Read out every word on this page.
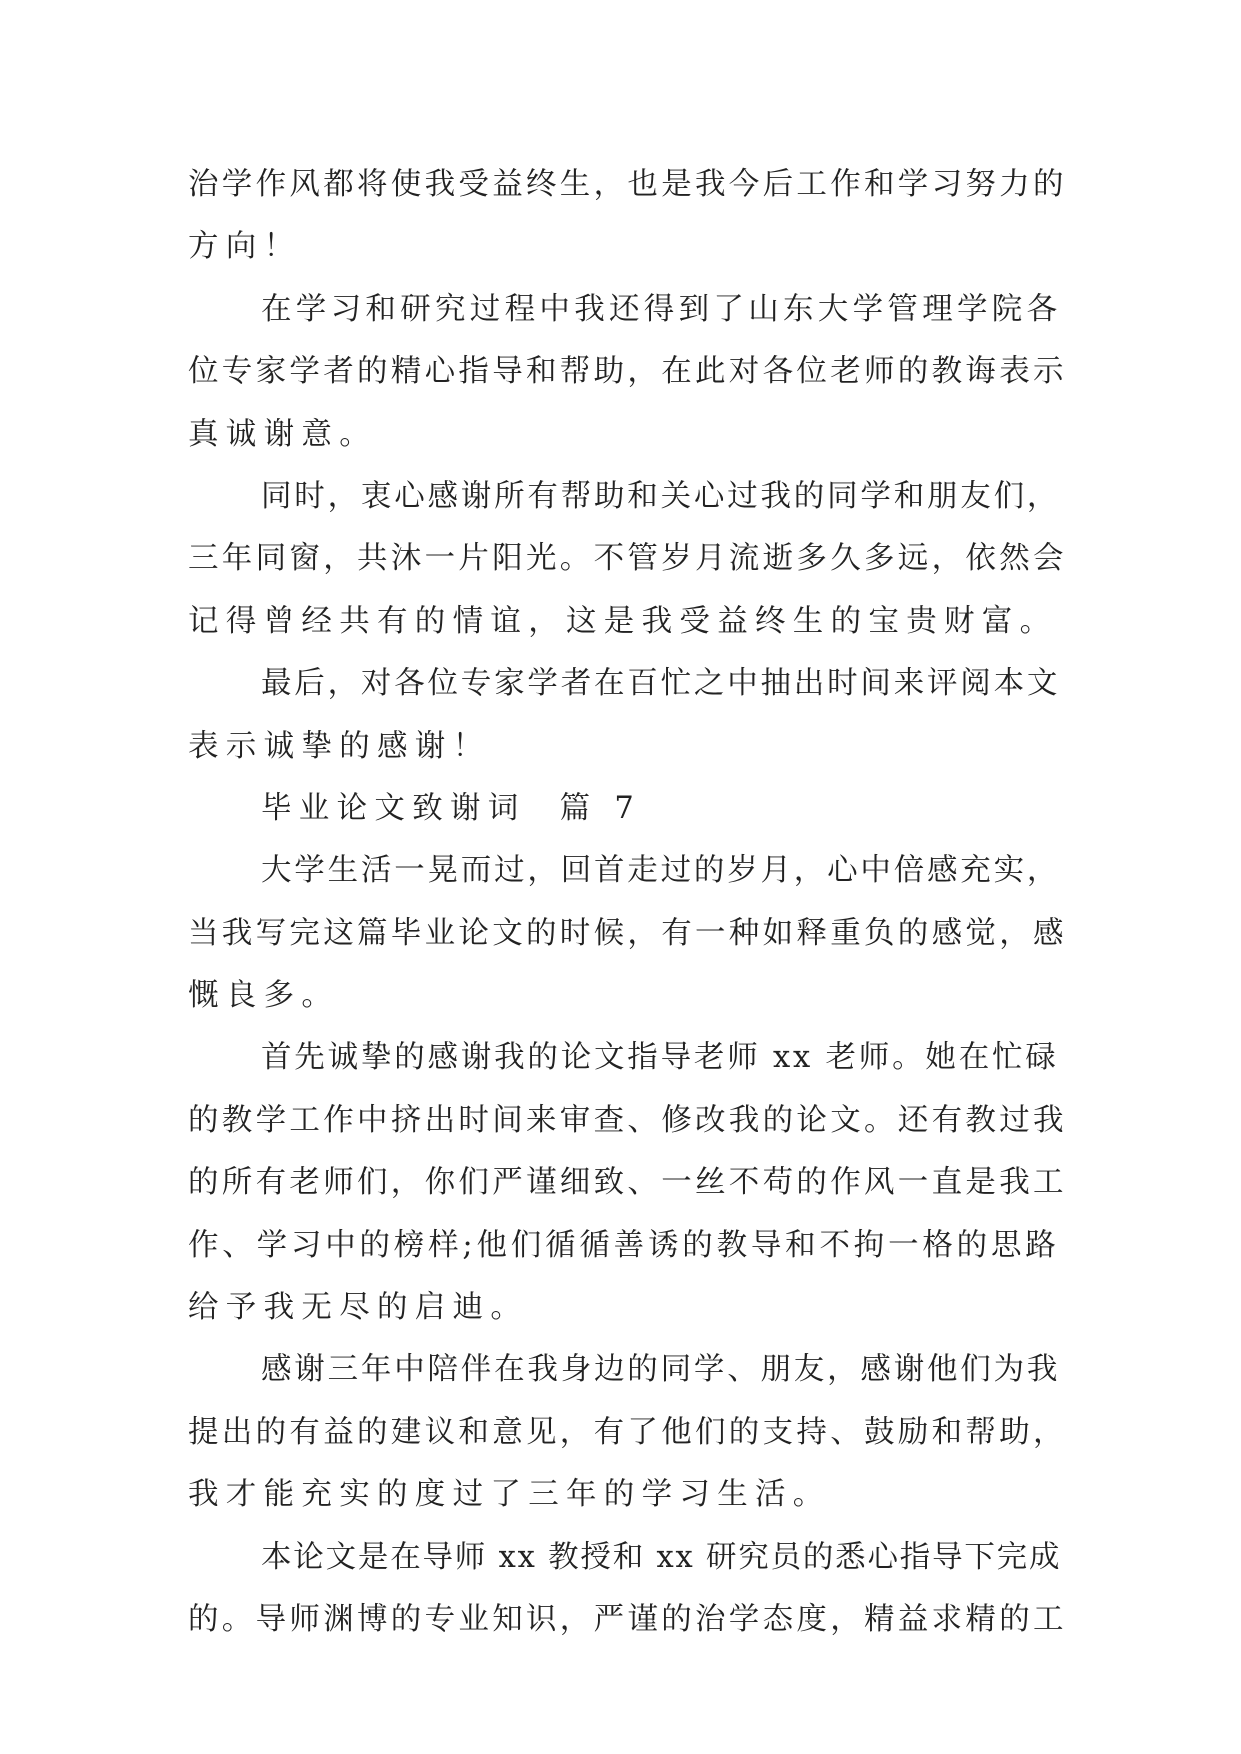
治学作风都将使我受益终生，也是我今后工作和学习努力的
方向！
在学习和研究过程中我还得到了山东大学管理学院各
位专家学者的精心指导和帮助，在此对各位老师的教诲表示
真诚谢意。
同时，衷心感谢所有帮助和关心过我的同学和朋友们，
三年同窗，共沐一片阳光。不管岁月流逝多久多远，依然会
记得曾经共有的情谊，这是我受益终生的宝贵财富。
最后，对各位专家学者在百忙之中抽出时间来评阅本文
表示诚挚的感谢！
毕业论文致谢词  篇 7
大学生活一晃而过，回首走过的岁月，心中倍感充实，
当我写完这篇毕业论文的时候，有一种如释重负的感觉，感
慨良多。
首先诚挚的感谢我的论文指导老师 xx 老师。她在忙碌
的教学工作中挤出时间来审查、修改我的论文。还有教过我
的所有老师们，你们严谨细致、一丝不苟的作风一直是我工
作、学习中的榜样;他们循循善诱的教导和不拘一格的思路
给予我无尽的启迪。
感谢三年中陪伴在我身边的同学、朋友，感谢他们为我
提出的有益的建议和意见，有了他们的支持、鼓励和帮助，
我才能充实的度过了三年的学习生活。
本论文是在导师 xx 教授和 xx 研究员的悉心指导下完成
的。导师渊博的专业知识，严谨的治学态度，精益求精的工
